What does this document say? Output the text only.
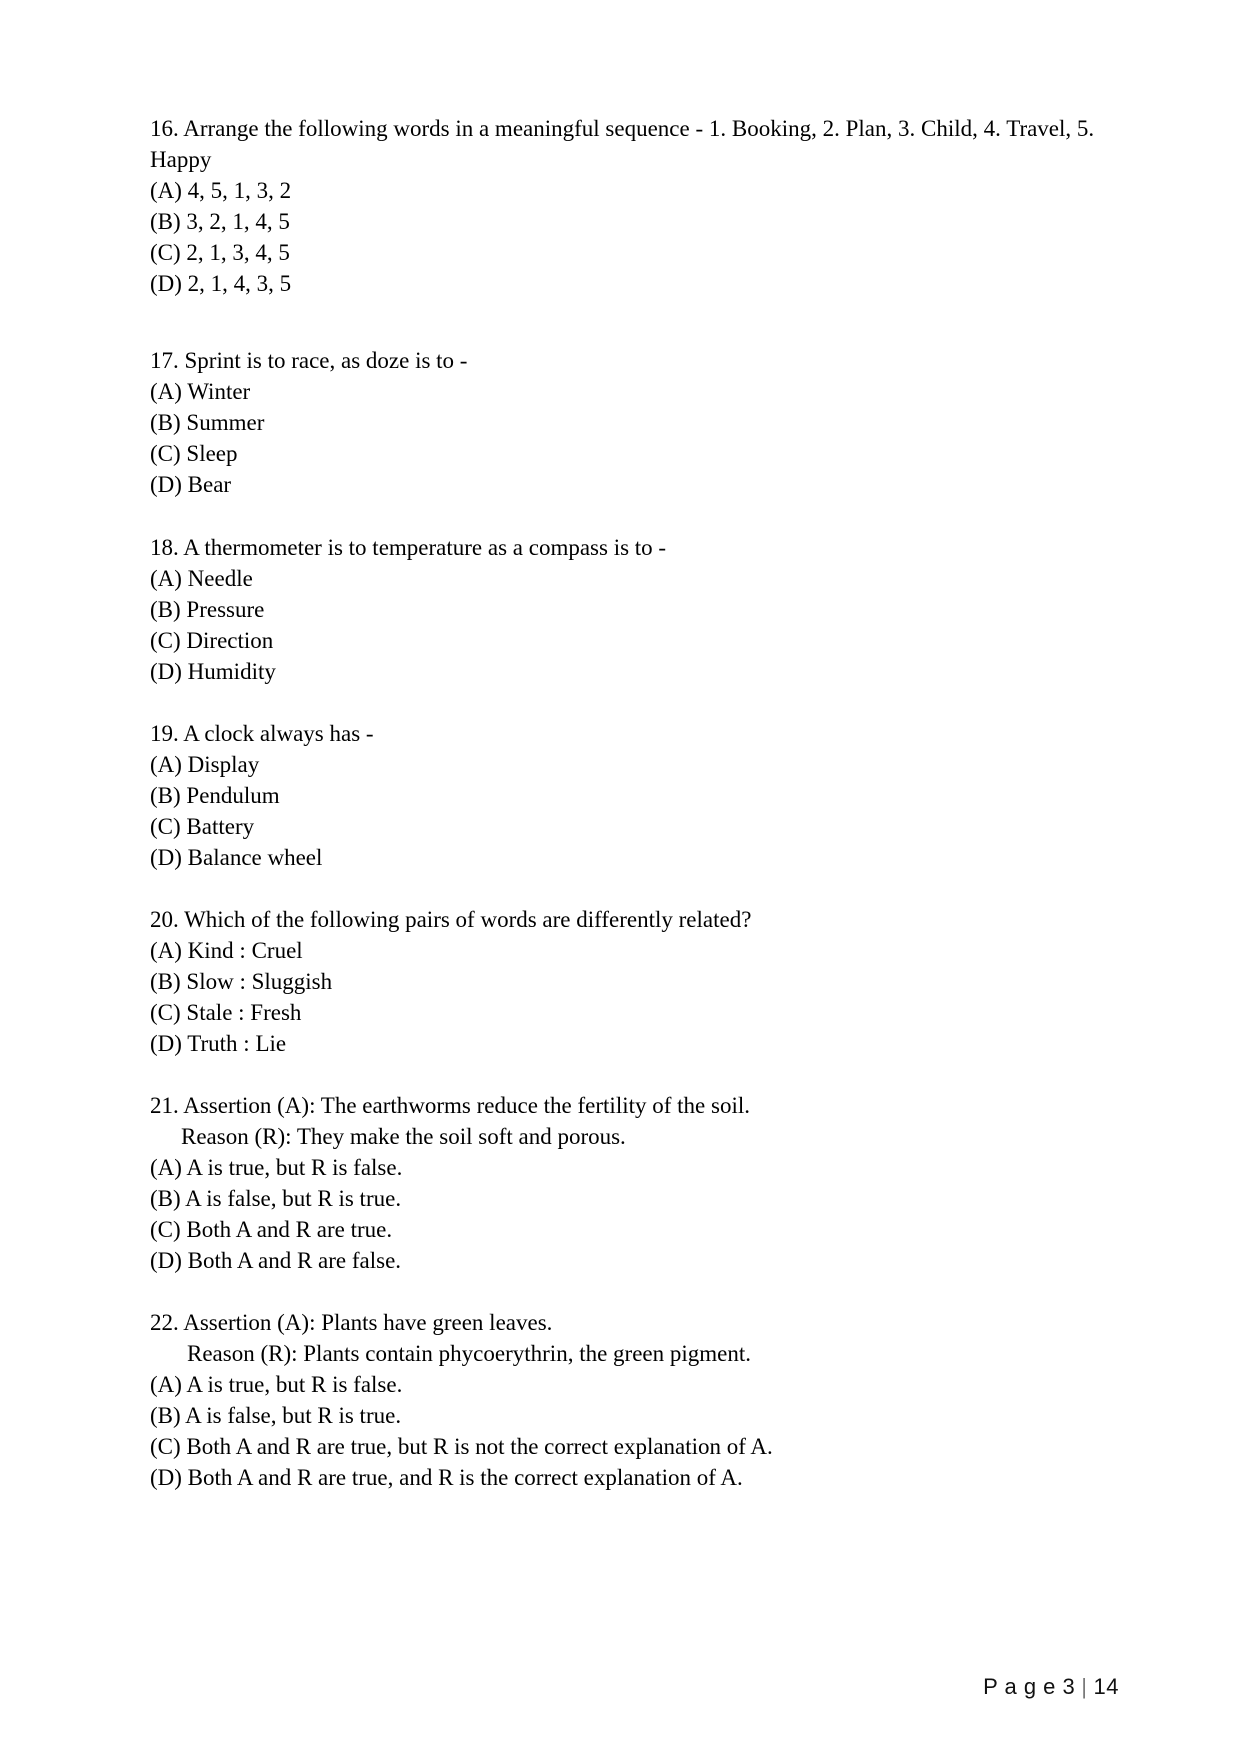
16. Arrange the following words in a meaningful sequence - 1. Booking, 2. Plan, 3. Child, 4. Travel, 5. Happy
(A) 4, 5, 1, 3, 2
(B) 3, 2, 1, 4, 5
(C) 2, 1, 3, 4, 5
(D) 2, 1, 4, 3, 5
17. Sprint is to race, as doze is to -
(A) Winter
(B) Summer
(C) Sleep
(D) Bear
18. A thermometer is to temperature as a compass is to -
(A) Needle
(B) Pressure
(C) Direction
(D) Humidity
19. A clock always has -
(A) Display
(B) Pendulum
(C) Battery
(D) Balance wheel
20. Which of the following pairs of words are differently related?
(A) Kind : Cruel
(B) Slow : Sluggish
(C) Stale : Fresh
(D) Truth : Lie
21. Assertion (A): The earthworms reduce the fertility of the soil.
Reason (R): They make the soil soft and porous.
(A) A is true, but R is false.
(B) A is false, but R is true.
(C) Both A and R are true.
(D) Both A and R are false.
22. Assertion (A): Plants have green leaves.
Reason (R): Plants contain phycoerythrin, the green pigment.
(A) A is true, but R is false.
(B) A is false, but R is true.
(C) Both A and R are true, but R is not the correct explanation of A.
(D) Both A and R are true, and R is the correct explanation of A.
P a g e 3 | 14
